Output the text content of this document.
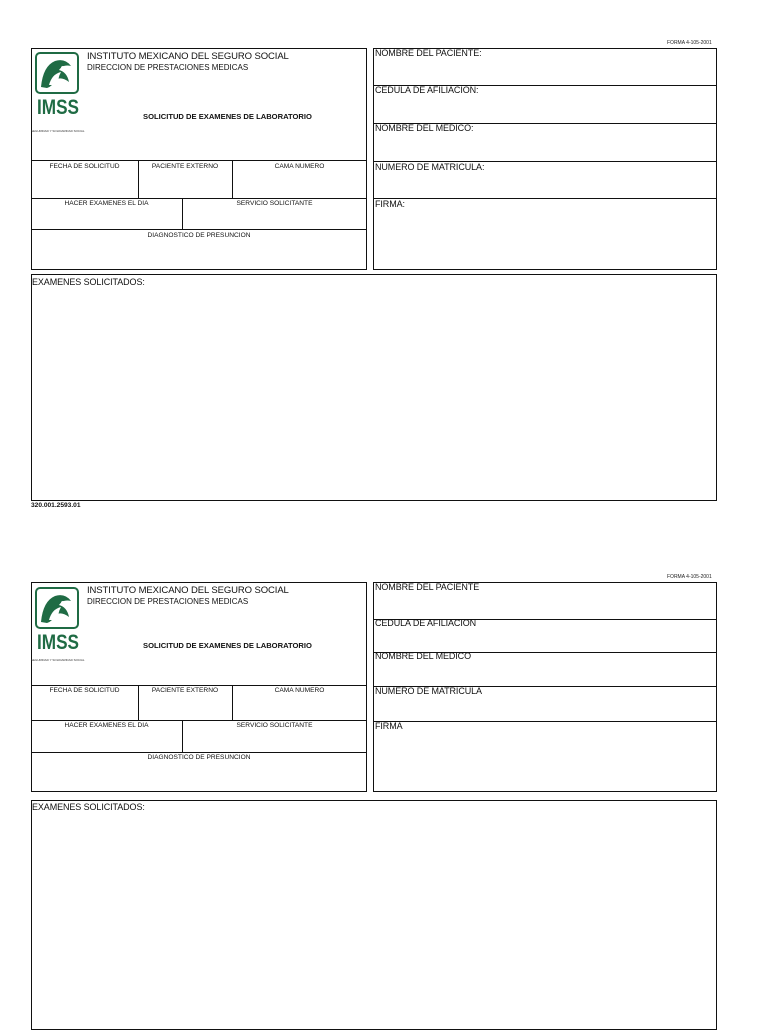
FORMA 4-105-2001
IMSS
SEGURIDAD Y SOLIDARIDAD SOCIAL
INSTITUTO MEXICANO DEL SEGURO SOCIAL
DIRECCION DE PRESTACIONES MEDICAS
SOLICITUD DE EXAMENES DE LABORATORIO
FECHA DE SOLICITUD	PACIENTE EXTERNO	CAMA NUMERO
HACER EXAMENES EL DIA	SERVICIO SOLICITANTE
DIAGNOSTICO DE PRESUNCION
NOMBRE DEL PACIENTE:
CEDULA DE AFILIACION:
NOMBRE DEL MEDICO:
NUMERO DE MATRICULA:
FIRMA:
EXAMENES SOLICITADOS:
320.001.2593.01
FORMA 4-105-2001
IMSS
SEGURIDAD Y SOLIDARIDAD SOCIAL
INSTITUTO MEXICANO DEL SEGURO SOCIAL
DIRECCION DE PRESTACIONES MEDICAS
SOLICITUD DE EXAMENES DE LABORATORIO
FECHA DE SOLICITUD	PACIENTE EXTERNO	CAMA NUMERO
HACER EXAMENES EL DIA	SERVICIO SOLICITANTE
DIAGNOSTICO DE PRESUNCION
NOMBRE DEL PACIENTE
CEDULA DE AFILIACION
NOMBRE DEL MEDICO
NUMERO DE MATRICULA
FIRMA
EXAMENES SOLICITADOS:
